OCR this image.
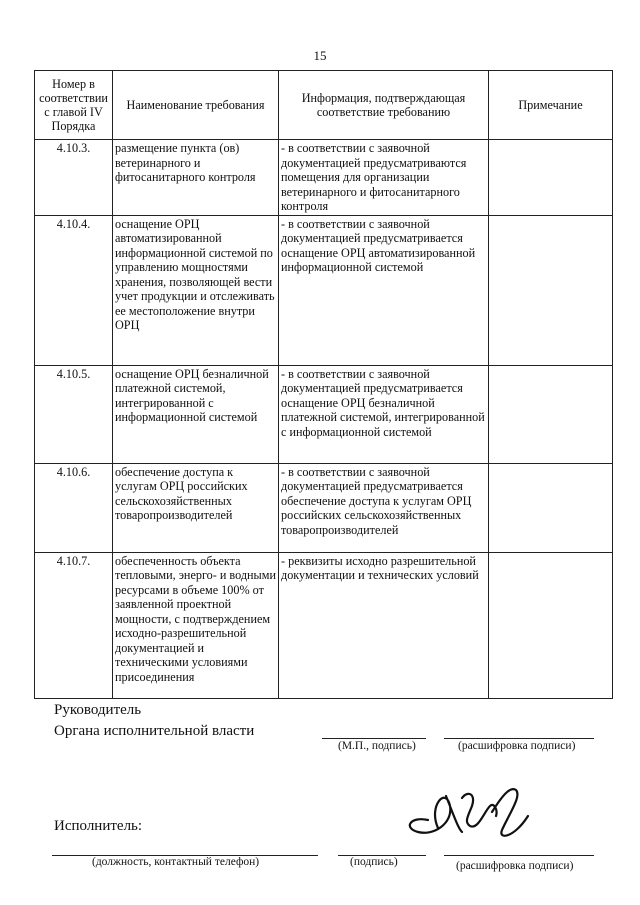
15
Номер в соответствии с главой IV Порядка	Наименование требования	Информация, подтверждающая соответствие требованию	Примечание
4.10.3.	размещение пункта (ов) ветеринарного и фитосанитарного контроля	- в соответствии с заявочной документацией предусматриваются помещения для организации ветеринарного и фитосанитарного контроля	
4.10.4.	оснащение ОРЦ автоматизированной информационной системой по управлению мощностями хранения, позволяющей вести учет продукции и отслеживать ее местоположение внутри ОРЦ	- в соответствии с заявочной документацией предусматривается оснащение ОРЦ автоматизированной информационной системой	
4.10.5.	оснащение ОРЦ безналичной платежной системой, интегрированной с информационной системой	- в соответствии с заявочной документацией предусматривается оснащение ОРЦ безналичной платежной системой, интегрированной с информационной системой	
4.10.6.	обеспечение доступа к услугам ОРЦ российских сельскохозяйственных товаропроизводителей	- в соответствии с заявочной документацией предусматривается обеспечение доступа к услугам ОРЦ российских сельскохозяйственных товаропроизводителей	
4.10.7.	обеспеченность объекта тепловыми, энерго- и водными ресурсами в объеме 100% от заявленной проектной мощности, с подтверждением исходно-разрешительной документацией и техническими условиями присоединения	- реквизиты исходно разрешительной документации и технических условий	
Руководитель
Органа исполнительной власти
(М.П., подпись)	(расшифровка подписи)
Исполнитель:
(должность, контактный телефон)	(подпись)	(расшифровка подписи)
